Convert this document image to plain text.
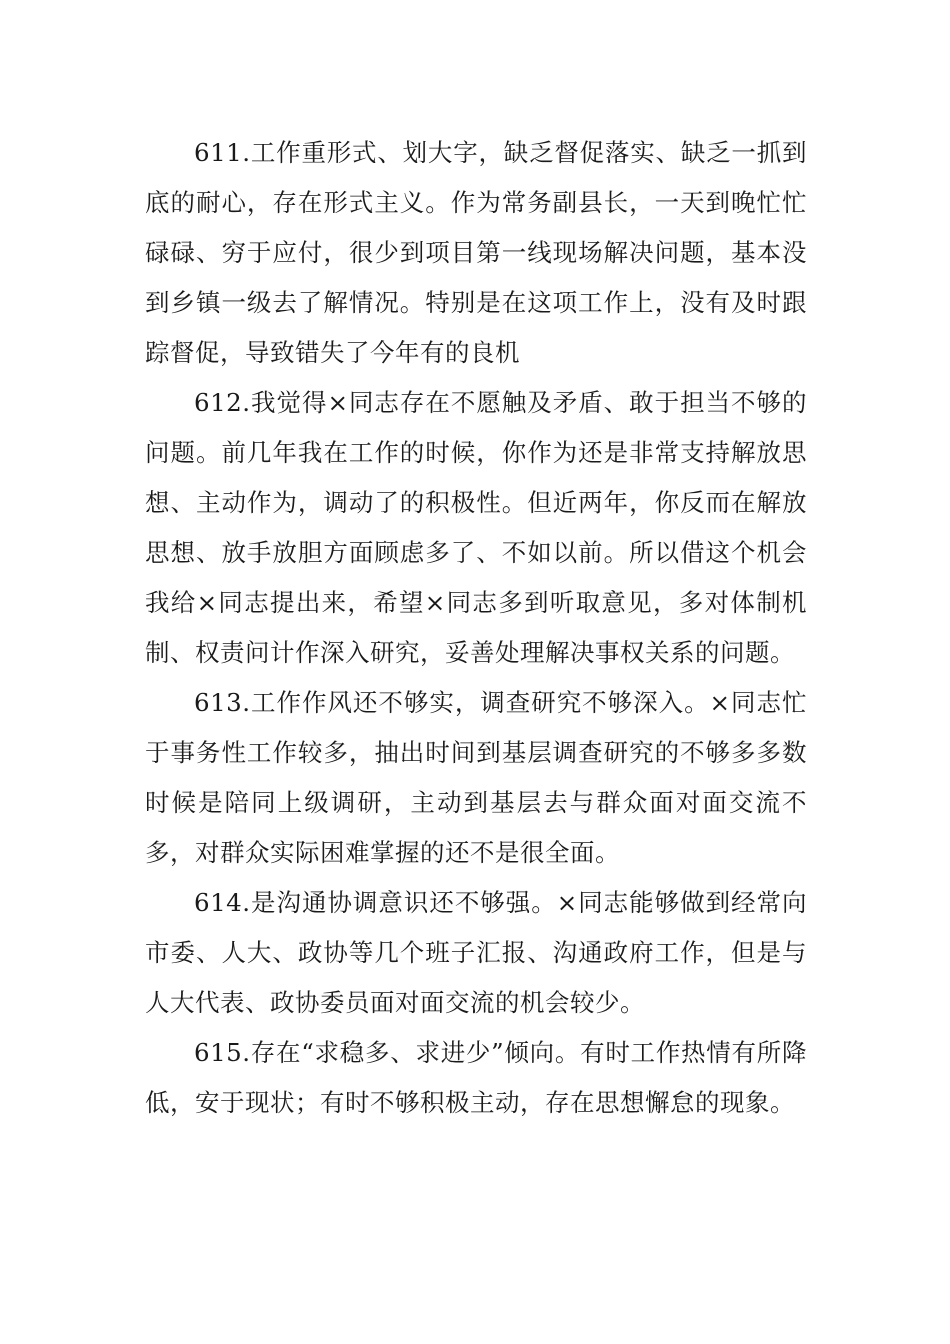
611.工作重形式、划大字，缺乏督促落实、缺乏一抓到底的耐心，存在形式主义。作为常务副县长，一天到晚忙忙碌碌、穷于应付，很少到项目第一线现场解决问题，基本没到乡镇一级去了解情况。特别是在这项工作上，没有及时跟踪督促，导致错失了今年有的良机

612.我觉得×同志存在不愿触及矛盾、敢于担当不够的问题。前几年我在工作的时候，你作为还是非常支持解放思想、主动作为，调动了的积极性。但近两年，你反而在解放思想、放手放胆方面顾虑多了、不如以前。所以借这个机会我给×同志提出来，希望×同志多到听取意见，多对体制机制、权责问计作深入研究，妥善处理解决事权关系的问题。

613.工作作风还不够实，调查研究不够深入。×同志忙于事务性工作较多，抽出时间到基层调查研究的不够多多数时候是陪同上级调研，主动到基层去与群众面对面交流不多，对群众实际困难掌握的还不是很全面。

614.是沟通协调意识还不够强。×同志能够做到经常向市委、人大、政协等几个班子汇报、沟通政府工作，但是与人大代表、政协委员面对面交流的机会较少。

615.存在“求稳多、求进少”倾向。有时工作热情有所降低，安于现状；有时不够积极主动，存在思想懈怠的现象。
